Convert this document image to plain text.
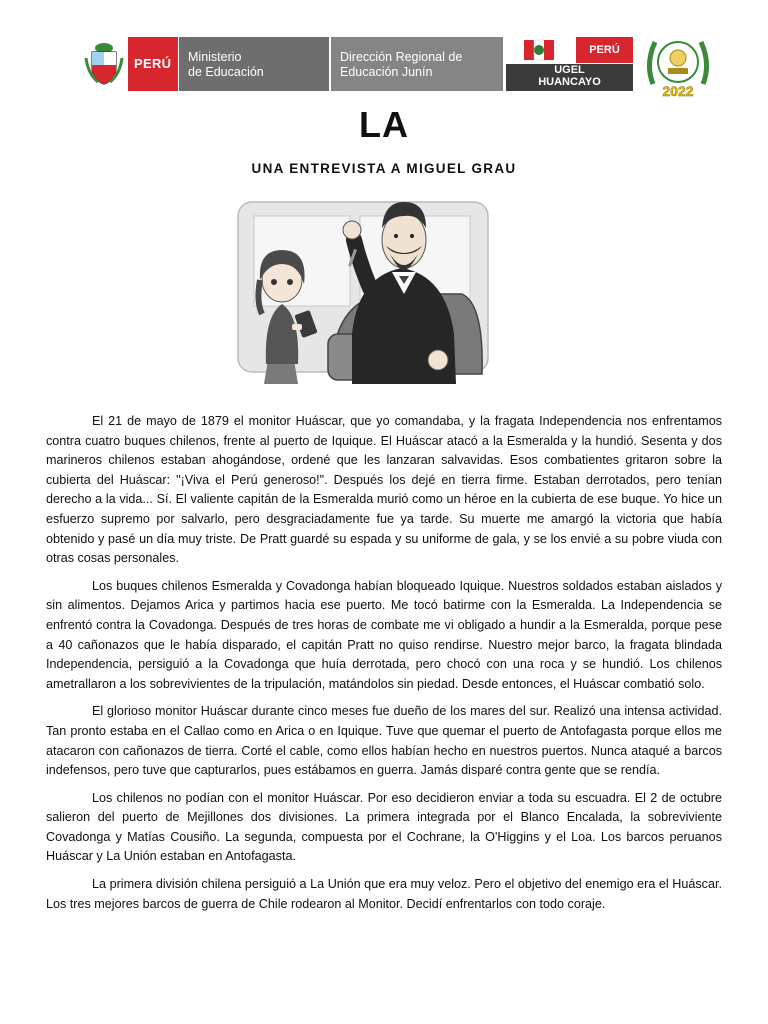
PERÚ Ministerio
de Educación
Dirección Regional de
Educación Junín
PERÚ
UGEL
HUANCAYO
2022
LA
UNA ENTREVISTA A MIGUEL GRAU

El 21 de mayo de 1879 el monitor Huáscar, que yo comandaba, y la fragata Independencia nos enfrentamos contra cuatro buques chilenos, frente al puerto de Iquique. El Huáscar atacó a la Esmeralda y la hundió. Sesenta y dos marineros chilenos estaban ahogándose, ordené que les lanzaran salvavidas. Esos combatientes gritaron sobre la cubierta del Huáscar: "¡Viva el Perú generoso!". Después los dejé en tierra firme. Estaban derrotados, pero tenían derecho a la vida... Sí. El valiente capitán de la Esmeralda murió como un héroe en la cubierta de ese buque. Yo hice un esfuerzo supremo por salvarlo, pero desgraciadamente fue ya tarde. Su muerte me amargó la victoria que había obtenido y pasé un día muy triste. De Pratt guardé su espada y su uniforme de gala, y se los envié a su pobre viuda con otras cosas personales.

Los buques chilenos Esmeralda y Covadonga habían bloqueado Iquique. Nuestros soldados estaban aislados y sin alimentos. Dejamos Arica y partimos hacia ese puerto. Me tocó batirme con la Esmeralda. La Independencia se enfrentó contra la Covadonga. Después de tres horas de combate me vi obligado a hundir a la Esmeralda, porque pese a 40 cañonazos que le había disparado, el capitán Pratt no quiso rendirse. Nuestro mejor barco, la fragata blindada Independencia, persiguió a la Covadonga que huía derrotada, pero chocó con una roca y se hundió. Los chilenos ametrallaron a los sobrevivientes de la tripulación, matándolos sin piedad. Desde entonces, el Huáscar combatió solo.

El glorioso monitor Huáscar durante cinco meses fue dueño de los mares del sur. Realizó una intensa actividad. Tan pronto estaba en el Callao como en Arica o en Iquique. Tuve que quemar el puerto de Antofagasta porque ellos me atacaron con cañonazos de tierra. Corté el cable, como ellos habían hecho en nuestros puertos. Nunca ataqué a barcos indefensos, pero tuve que capturarlos, pues estábamos en guerra. Jamás disparé contra gente que se rendía.

Los chilenos no podían con el monitor Huáscar. Por eso decidieron enviar a toda su escuadra. El 2 de octubre salieron del puerto de Mejillones dos divisiones. La primera integrada por el Blanco Encalada, la sobreviviente Covadonga y Matías Cousiño. La segunda, compuesta por el Cochrane, la O'Higgins y el Loa. Los barcos peruanos Huáscar y La Unión estaban en Antofagasta.

La primera división chilena persiguió a La Unión que era muy veloz. Pero el objetivo del enemigo era el Huáscar. Los tres mejores barcos de guerra de Chile rodearon al Monitor. Decidí enfrentarlos con todo coraje.
